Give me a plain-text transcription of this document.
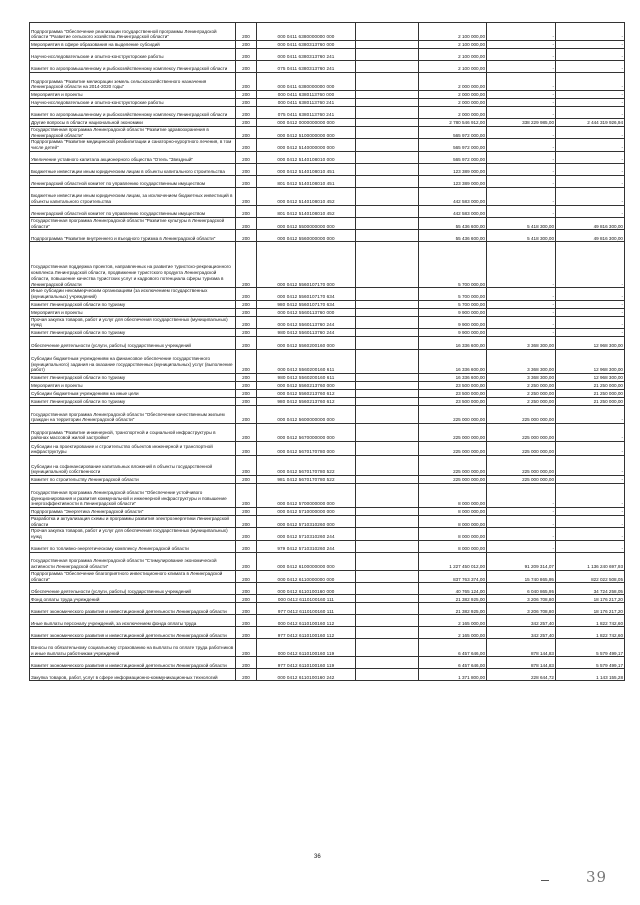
Подпрограмма "Обеспечение реализации государственной программы Ленинградской области "Развитие сельского хозяйства Ленинградской области"	200	000 0411 6380000000 000		2 100 000,00	-	-
Мероприятия в сфере образования на выделение субсидий	200	000 0411 6380313760 000		2 100 000,00	-	-
Научно-исследовательские и опытно-конструкторские работы	200	000 0411 6380313760 241		2 100 000,00	-	-
Комитет по агропромышленному и рыбохозяйственному комплексу Ленинградской области	200	075 0411 6380313760 241		2 100 000,00	-	-
Подпрограмма "Развитие мелиорации земель сельскохозяйственного назначения Ленинградской области на 2014-2020 годы"	200	000 0411 6380000000 000		2 000 000,00	-	-
Мероприятия и проекты	200	000 0411 6380113760 000		2 000 000,00	-	-
Научно-исследовательские и опытно-конструкторские работы	200	000 0411 6380113760 241		2 000 000,00	-	-
Комитет по агропромышленному и рыбохозяйственному комплексу Ленинградской области	200	075 0411 6380113760 241		2 000 000,00	-	-
Другие вопросы в области национальной экономики	200	000 0412 0000000000 000		2 780 546 912,00	338 229 985,00	2 444 319 926,94
Государственная программа Ленинградской области "Развитие здравоохранения в Ленинградской области"	200	000 0412 5100000000 000		565 972 000,00	-	-
Подпрограмма "Развитие медицинской реабилитации и санаторно-курортного лечения, в том числе детей"	200	000 0412 5140000000 000		565 972 000,00	-	-
Увеличение уставного капитала акционерного общества "Отель "Звездный"	200	000 0412 5140108010 000		565 972 000,00	-	-
Бюджетные инвестиции иным юридическим лицам в объекты капитального строительства	200	000 0412 5140108010 451		123 389 000,00	-	-
Ленинградский областной комитет по управлению государственным имуществом	200	801 0412 5140108010 451		123 389 000,00	-	-
Бюджетные инвестиции иным юридическим лицам, за исключением бюджетных инвестиций в объекты капитального строительства	200	000 0412 5140108010 452		442 583 000,00	-	-
Ленинградский областной комитет по управлению государственным имуществом	200	801 0412 5140108010 452		442 583 000,00	-	-
Государственная программа Ленинградской области "Развитие культуры в Ленинградской области"	200	000 0412 5500000000 000		55 436 600,00	5 418 300,00	49 816 300,00
Подпрограмма "Развитие внутреннего и въездного туризма в Ленинградской области"	200	000 0412 5560000000 000		55 436 600,00	5 418 300,00	49 816 300,00
Государственная поддержка проектов, направленных на развитие туристско-рекреационного комплекса Ленинградской области, продвижение туристского продукта Ленинградской области, повышение качества туристских услуг и кадрового потенциала сферы туризма в Ленинградской области	200	000 0412 5560107170 000		5 700 000,00	-	-
Иные субсидии некоммерческим организациям (за исключением государственных (муниципальных) учреждений)	200	000 0412 5560107170 634		5 700 000,00	-	-
Комитет Ленинградской области по туризму	200	980 0412 5560107170 634		5 700 000,00	-	-
Мероприятия и проекты	200	000 0412 5560113760 000		9 900 000,00	-	-
Прочая закупка товаров, работ и услуг для обеспечения государственных (муниципальных) нужд	200	000 0412 5560113760 244		9 900 000,00	-	-
Комитет Ленинградской области по туризму	200	980 0412 5560113760 244		9 900 000,00	-	-
Обеспечение деятельности (услуги, работы) государственных учреждений	200	000 0412 5560200160 000		16 336 600,00	3 368 300,00	12 968 300,00
Субсидии бюджетным учреждениям на финансовое обеспечение государственного (муниципального) задания на оказание государственных (муниципальных) услуг (выполнение работ)	200	000 0412 5560200160 611		16 336 600,00	3 368 300,00	12 968 300,00
Комитет Ленинградской области по туризму	200	980 0412 5560200160 611		16 336 600,00	3 368 300,00	12 968 300,00
Мероприятия и проекты	200	000 0412 5560213760 000		23 500 000,00	2 250 000,00	21 250 000,00
Субсидии бюджетным учреждениям на иные цели	200	000 0412 5560213760 612		23 500 000,00	2 250 000,00	21 250 000,00
Комитет Ленинградской области по туризму	200	980 0412 5560213760 612		23 500 000,00	2 250 000,00	21 250 000,00
Государственная программа Ленинградской области "Обеспечение качественным жильем граждан на территории Ленинградской области"	200	000 0412 5600000000 000		225 000 000,00	225 000 000,00	-
Подпрограмма "Развитие инженерной, транспортной и социальной инфраструктуры в районах массовой жилой застройки"	200	000 0412 5670000000 000		225 000 000,00	225 000 000,00	-
Субсидии на проектирование и строительство объектов инженерной и транспортной инфраструктуры	200	000 0412 5670170780 000		225 000 000,00	225 000 000,00	-
Субсидии на софинансирование капитальных вложений в объекты государственной (муниципальной) собственности	200	000 0412 5670170780 522		225 000 000,00	225 000 000,00	-
Комитет по строительству Ленинградской области	200	981 0412 5670170780 522		225 000 000,00	225 000 000,00	-
Государственная программа Ленинградской области "Обеспечение устойчивого функционирования и развития коммунальной и инженерной инфраструктуры и повышение энергоэффективности в Ленинградской области"	200	000 0412 5700000000 000		8 000 000,00	-	-
Подпрограмма "Энергетика Ленинградской области"	200	000 0412 5710000000 000		8 000 000,00	-	-
Разработка и актуализация схемы и программы развития электроэнергетики Ленинградской области	200	000 0412 5710310260 000		8 000 000,00	-	-
Прочая закупка товаров, работ и услуг для обеспечения государственных (муниципальных) нужд	200	000 0412 5710310260 244		8 000 000,00	-	-
Комитет по топливно-энергетическому комплексу Ленинградской области	200	979 0412 5710310260 244		8 000 000,00	-	-
Государственная программа Ленинградской области "Стимулирование экономической активности Ленинградской области"	200	000 0412 6100000000 000		1 227 450 012,00	91 209 314,07	1 136 240 697,93
Подпрограмма "Обеспечение благоприятного инвестиционного климата в Ленинградской области"	200	000 0412 6110000000 000		837 763 374,00	15 740 865,95	822 022 508,05
Обеспечение деятельности (услуги, работы) государственных учреждений	200	000 0412 6110100160 000		40 765 124,00	6 040 865,95	34 724 258,05
Фонд оплаты труда учреждений	200	000 0412 6110100160 111		21 382 925,00	3 206 708,80	18 176 217,20
Комитет экономического развития и инвестиционной деятельности Ленинградской области	200	977 0412 6110100160 111		21 382 925,00	3 206 708,80	18 176 217,20
Иные выплаты персоналу учреждений, за исключением фонда оплаты труда	200	000 0412 6110100160 112		2 165 000,00	342 257,40	1 822 742,60
Комитет экономического развития и инвестиционной деятельности Ленинградской области	200	977 0412 6110100160 112		2 165 000,00	342 257,40	1 822 742,60
Взносы по обязательному социальному страхованию на выплаты по оплате труда работников и иные выплаты работникам учреждений	200	000 0412 6110100160 119		6 457 646,00	878 144,83	5 579 499,17
Комитет экономического развития и инвестиционной деятельности Ленинградской области	200	977 0412 6110100160 119		6 457 646,00	878 144,83	5 579 499,17
Закупка товаров, работ, услуг в сфере информационно-коммуникационных технологий	200	000 0412 6110100160 242		1 371 800,00	228 644,72	1 143 155,28
36
39
